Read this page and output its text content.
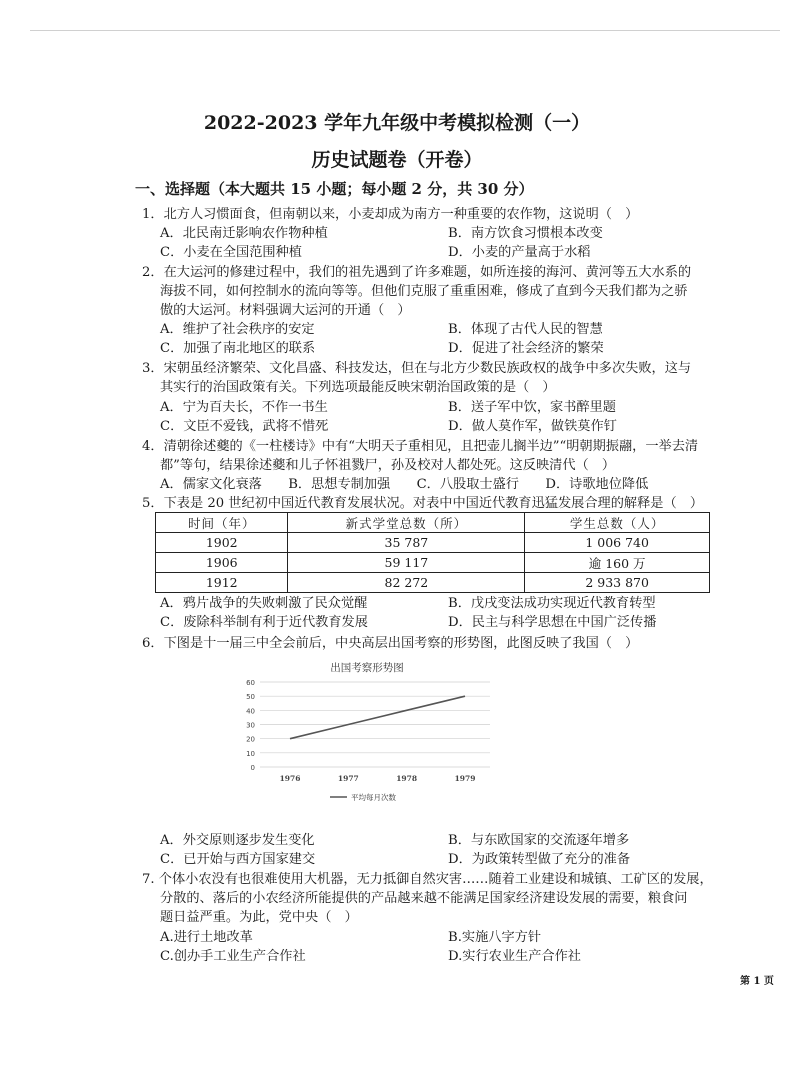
2022-2023 学年九年级中考模拟检测（一）
历史试题卷（开卷）
一、选择题（本大题共 15 小题；每小题 2 分，共 30 分）
1．北方人习惯面食，但南朝以来，小麦却成为南方一种重要的农作物，这说明（　）
A．北民南迁影响农作物种植	B．南方饮食习惯根本改变
C．小麦在全国范围种植	D．小麦的产量高于水稻
2．在大运河的修建过程中，我们的祖先遇到了许多难题，如所连接的海河、黄河等五大水系的
海拔不同，如何控制水的流向等等。但他们克服了重重困难，修成了直到今天我们都为之骄
傲的大运河。材料强调大运河的开通（　）
A．维护了社会秩序的安定	B．体现了古代人民的智慧
C．加强了南北地区的联系	D．促进了社会经济的繁荣
3．宋朝虽经济繁荣、文化昌盛、科技发达，但在与北方少数民族政权的战争中多次失败，这与
其实行的治国政策有关。下列选项最能反映宋朝治国政策的是（　）
A．宁为百夫长，不作一书生	B．送子军中饮，家书醉里题
C．文臣不爱钱，武将不惜死	D．做人莫作军，做铁莫作钉
4．清朝徐述夔的《一柱楼诗》中有“大明天子重相见，且把壶儿搁半边”“明朝期振翮，一举去清
都”等句，结果徐述夔和儿子怀祖戮尸，孙及校对人都处死。这反映清代（　）
A．儒家文化衰落　　B．思想专制加强　　C．八股取士盛行　　D．诗歌地位降低
5．下表是 20 世纪初中国近代教育发展状况。对表中中国近代教育迅猛发展合理的解释是（　）
时间（年）	新式学堂总数（所）	学生总数（人）
1902	35 787	1 006 740
1906	59 117	逾 160 万
1912	82 272	2 933 870
A．鸦片战争的失败刺激了民众觉醒	B．戊戌变法成功实现近代教育转型
C．废除科举制有利于近代教育发展	D．民主与科学思想在中国广泛传播
6．下图是十一届三中全会前后，中央高层出国考察的形势图，此图反映了我国（　）
出国考察形势图
0
10
20
30
40
50
60
1976	1977	1978	1979
平均每月次数
A．外交原则逐步发生变化	B．与东欧国家的交流逐年增多
C．已开始与西方国家建交	D．为政策转型做了充分的准备
7. 个体小农没有也很难使用大机器，无力抵御自然灾害……随着工业建设和城镇、工矿区的发展，
分散的、落后的小农经济所能提供的产品越来越不能满足国家经济建设发展的需要，粮食问
题日益严重。为此，党中央（　）
A.进行土地改革	B.实施八字方针
C.创办手工业生产合作社	D.实行农业生产合作社
第 1 页
